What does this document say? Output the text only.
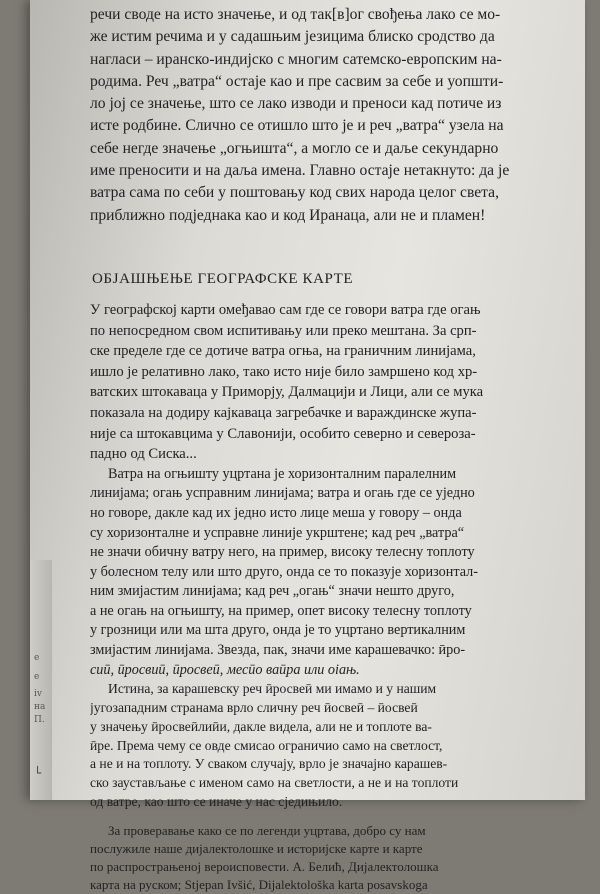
е
е
iv
на
П.
└

речи своде на исто значење, и од так[в]ог свођења лако се мо-
же истим речима и у садашњим језицима блиско сродство да
нагласи – иранско-индијско с многим сатемско-европским на-
родима. Реч „ватра“ остаје као и пре сасвим за себе и уопшти-
ло јој се значење, што се лако изводи и преноси кад потиче из
исте родбине. Слично се отишло што је и реч „ватра“ узела на
себе негде значење „огњишта“, а могло се и даље секундарно
име преносити и на даља имена. Главно остаје нетакнуто: да је
ватра сама по себи у поштовању код свих народа целог света,
приближно подједнака као и код Иранаца, али не и пламен!

ОБЈАШЊЕЊЕ ГЕОГРАФСКЕ КАРТЕ

У географској карти омеђавао сам где се говори ватра где огањ
по непосредном свом испитивању или преко мештана. За срп-
ске пределе где се дотиче ватра огња, на граничним линијама,
ишло је релативно лако, тако исто није било замршено код хр-
ватских штокаваца у Приморју, Далмацији и Лици, али се мука
показала на додиру кајкаваца загребачке и вараждинске жупа-
није са штокавцима у Славонији, особито северно и северoза-
падно од Сиска...

Ватра на огњишту уцртана је хоризонталним паралелним
линијама; огањ усправним линијама; ватра и огањ где се уједно
но говоре, дакле кад их једно исто лице меша у говору – онда
су хоризонталне и усправне линије укрштене; кад реч „ватра“
не значи обичну ватру него, на пример, високу телесну топлоту
у болесном телу или што друго, онда се то показује хоризонтал-
ним змијастим линијама; кад реч „огањ“ значи нешто друго,
а не огањ на огњишту, на пример, опет високу телесну топлоту
у грозници или ма шта друго, онда је то уцртано вертикалним
змијастим линијама. Звезда, пак, значи име карашевачко: ӣро-
сиӣ, ӣросвиӣ, ӣросвеӣ, месӣо ваӣра или оіањ.

Истина, за карашевску реч ӣросвеӣ ми имамо и у нашим
југозападним странама врло сличну реч ӣосвеӣ – ӣосвеӣ
у значењу ӣросвеӣлиӣи, дакле видела, али не и топлоте ва-
ӣре. Према чему се овде смисао ограничио само на светлост,
а не и на топлоту. У сваком случају, врло је значајно карашев-
ско заустављање с именом само на светлости, а не и на топлоти
од ватре, као што се иначе у нас сједињило.

За проверавање како се по легенди уцртава, добро су нам
послужиле наше дијалектолошке и историјске карте и карте
по распрострањеној вероисповести. А. Белић, Дијалектолошка
карта на руском; Stjepan Ivšić, Dijalektološka karta posavskoga
